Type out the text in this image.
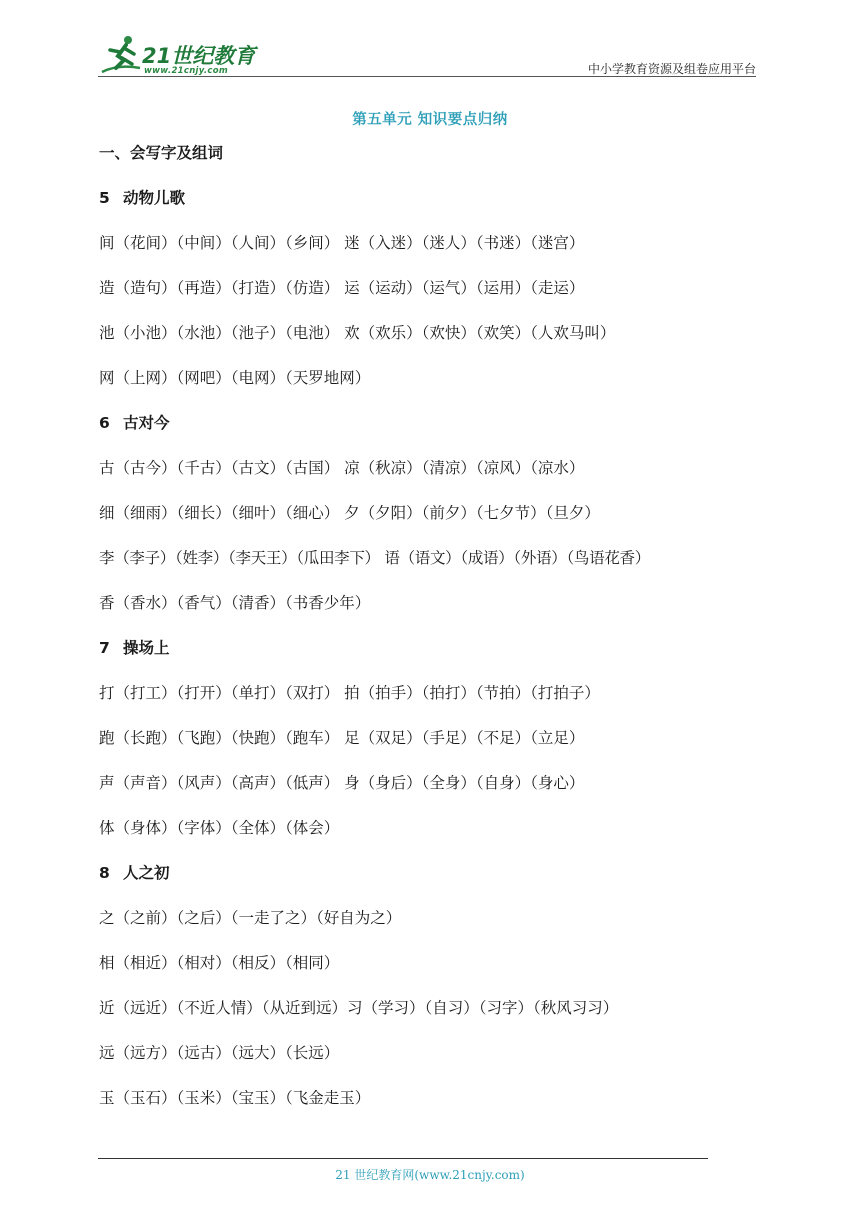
21世纪教育
www.21cnjy.com	中小学教育资源及组卷应用平台
第五单元 知识要点归纳
一、会写字及组词
5 动物儿歌
间（花间）（中间）（人间）（乡间） 迷（入迷）（迷人）（书迷）（迷宫）
造（造句）（再造）（打造）（仿造） 运（运动）（运气）（运用）（走运）
池（小池）（水池）（池子）（电池） 欢（欢乐）（欢快）（欢笑）（人欢马叫）
网（上网）（网吧）（电网）（天罗地网）
6 古对今
古（古今）（千古）（古文）（古国） 凉（秋凉）（清凉）（凉风）（凉水）
细（细雨）（细长）（细叶）（细心） 夕（夕阳）（前夕）（七夕节）（旦夕）
李（李子）（姓李）（李天王）（瓜田李下） 语（语文）（成语）（外语）（鸟语花香）
香（香水）（香气）（清香）（书香少年）
7 操场上
打（打工）（打开）（单打）（双打） 拍（拍手）（拍打）（节拍）（打拍子）
跑（长跑）（飞跑）（快跑）（跑车） 足（双足）（手足）（不足）（立足）
声（声音）（风声）（高声）（低声） 身（身后）（全身）（自身）（身心）
体（身体）（字体）（全体）（体会）
8 人之初
之（之前）（之后）（一走了之）（好自为之）
相（相近）（相对）（相反）（相同）
近（远近）（不近人情）（从近到远）习（学习）（自习）（习字）（秋风习习）
远（远方）（远古）（远大）（长远）
玉（玉石）（玉米）（宝玉）（飞金走玉）
21 世纪教育网(www.21cnjy.com)
